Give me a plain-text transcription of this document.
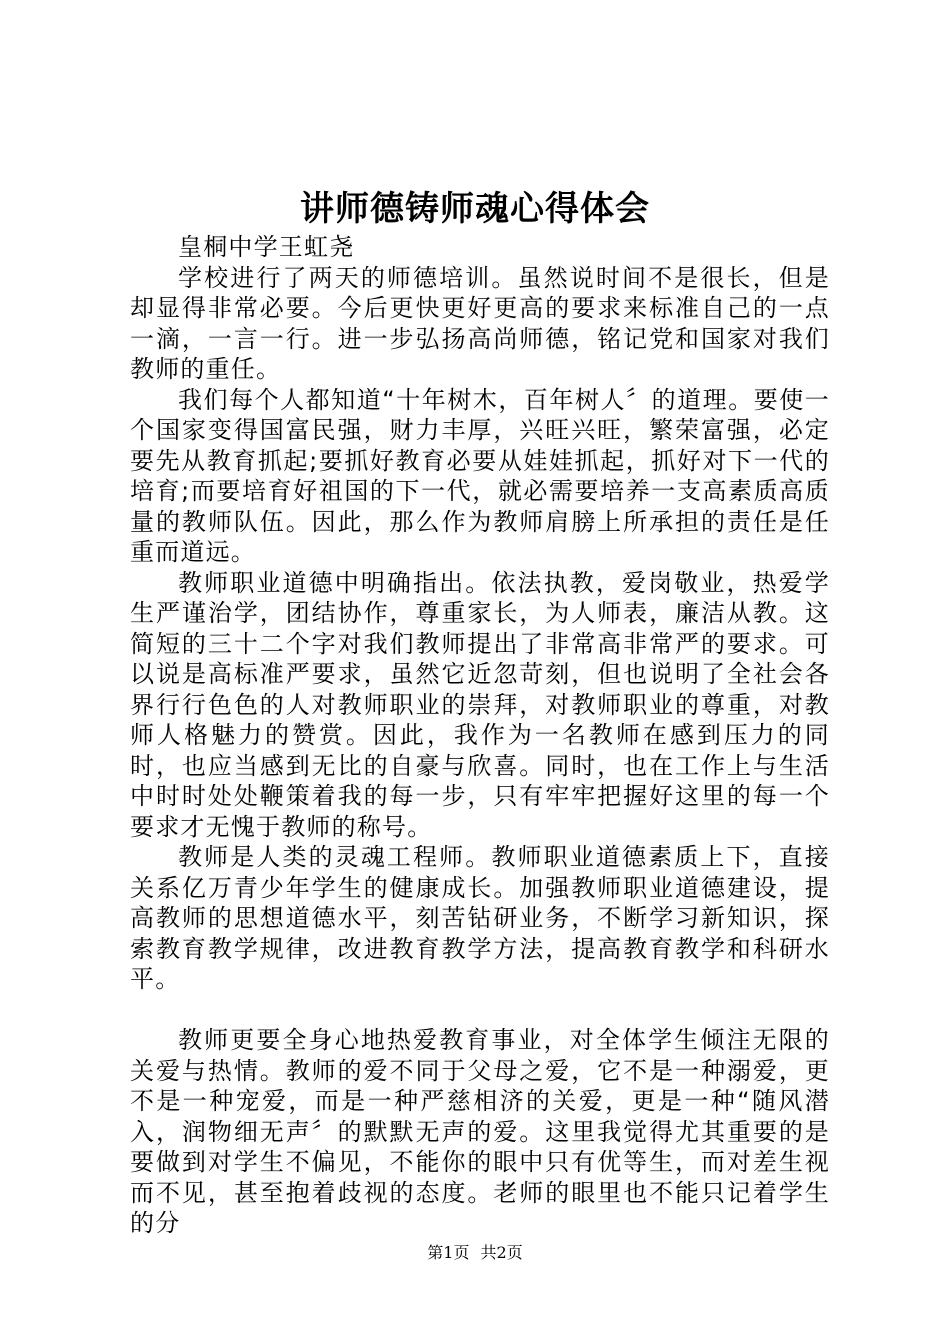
讲师德铸师魂心得体会

皇桐中学王虹尧

学校进行了两天的师德培训。虽然说时间不是很长，但是却显得非常必要。今后更快更好更高的要求来标准自己的一点一滴，一言一行。进一步弘扬高尚师德，铭记党和国家对我们教师的重任。

我们每个人都知道“十年树木，百年树人〞的道理。要使一个国家变得国富民强，财力丰厚，兴旺兴旺，繁荣富强，必定要先从教育抓起;要抓好教育必要从娃娃抓起，抓好对下一代的培育;而要培育好祖国的下一代，就必需要培养一支高素质高质量的教师队伍。因此，那么作为教师肩膀上所承担的责任是任重而道远。

教师职业道德中明确指出。依法执教，爱岗敬业，热爱学生严谨治学，团结协作，尊重家长，为人师表，廉洁从教。这简短的三十二个字对我们教师提出了非常高非常严的要求。可以说是高标准严要求，虽然它近忽苛刻，但也说明了全社会各界行行色色的人对教师职业的崇拜，对教师职业的尊重，对教师人格魅力的赞赏。因此，我作为一名教师在感到压力的同时，也应当感到无比的自豪与欣喜。同时，也在工作上与生活中时时处处鞭策着我的每一步，只有牢牢把握好这里的每一个要求才无愧于教师的称号。

教师是人类的灵魂工程师。教师职业道德素质上下，直接关系亿万青少年学生的健康成长。加强教师职业道德建设，提高教师的思想道德水平，刻苦钻研业务，不断学习新知识，探索教育教学规律，改进教育教学方法，提高教育教学和科研水平。

教师更要全身心地热爱教育事业，对全体学生倾注无限的关爱与热情。教师的爱不同于父母之爱，它不是一种溺爱，更不是一种宠爱，而是一种严慈相济的关爱，更是一种“随风潜入，润物细无声〞的默默无声的爱。这里我觉得尤其重要的是要做到对学生不偏见，不能你的眼中只有优等生，而对差生视而不见，甚至抱着歧视的态度。老师的眼里也不能只记着学生的分

第1页 共2页
